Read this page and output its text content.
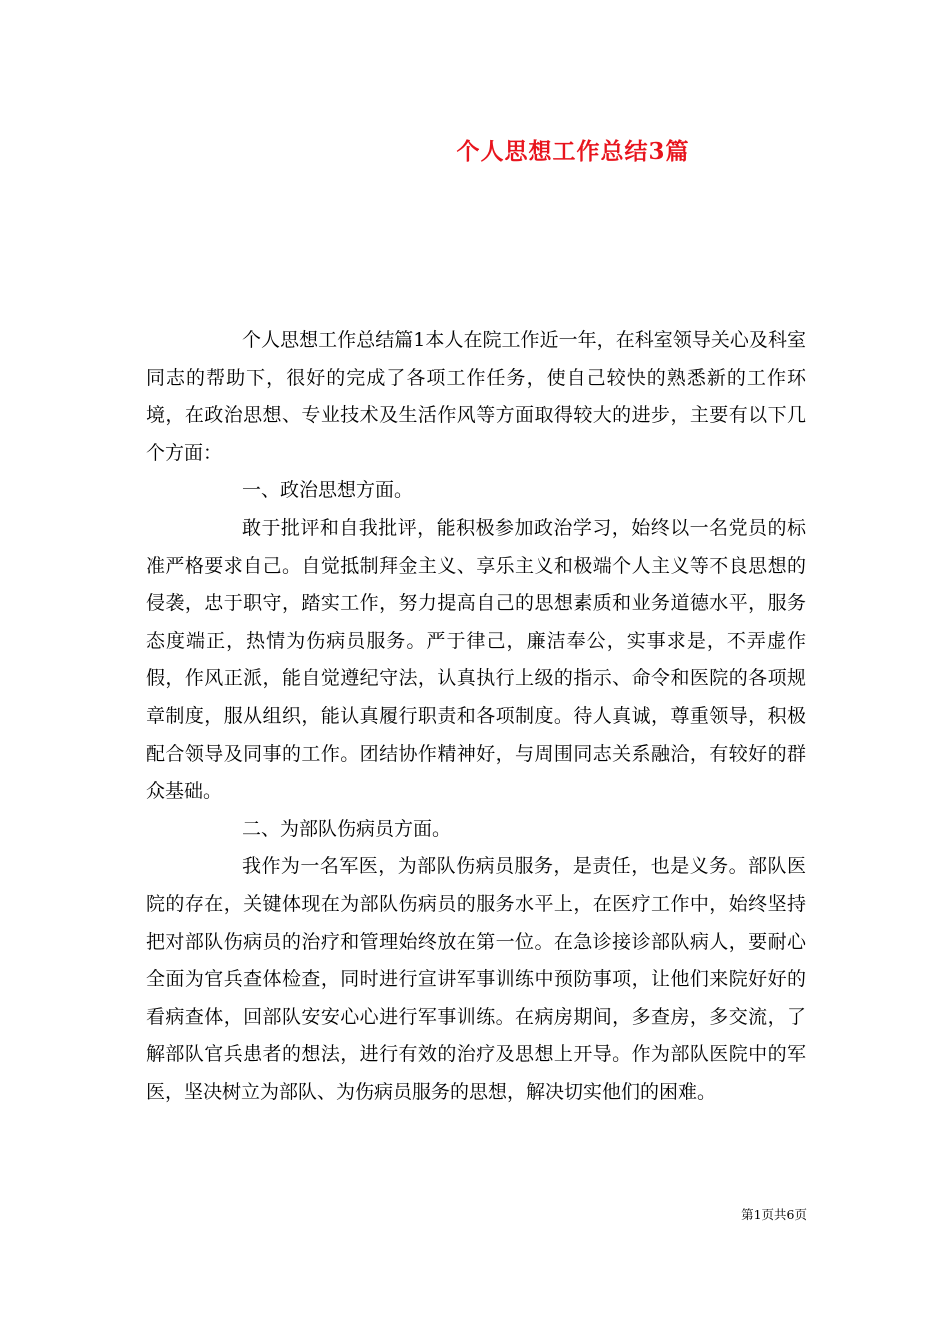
个人思想工作总结3篇

个人思想工作总结篇1本人在院工作近一年，在科室领导关心及科室同志的帮助下，很好的完成了各项工作任务，使自己较快的熟悉新的工作环境，在政治思想、专业技术及生活作风等方面取得较大的进步，主要有以下几个方面：

一、政治思想方面。

敢于批评和自我批评，能积极参加政治学习，始终以一名党员的标准严格要求自己。自觉抵制拜金主义、享乐主义和极端个人主义等不良思想的侵袭，忠于职守，踏实工作，努力提高自己的思想素质和业务道德水平，服务态度端正，热情为伤病员服务。严于律己，廉洁奉公，实事求是，不弄虚作假，作风正派，能自觉遵纪守法，认真执行上级的指示、命令和医院的各项规章制度，服从组织，能认真履行职责和各项制度。待人真诚，尊重领导，积极配合领导及同事的工作。团结协作精神好，与周围同志关系融洽，有较好的群众基础。

二、为部队伤病员方面。

我作为一名军医，为部队伤病员服务，是责任，也是义务。部队医院的存在，关键体现在为部队伤病员的服务水平上，在医疗工作中，始终坚持把对部队伤病员的治疗和管理始终放在第一位。在急诊接诊部队病人，要耐心全面为官兵查体检查，同时进行宣讲军事训练中预防事项，让他们来院好好的看病查体，回部队安安心心进行军事训练。在病房期间，多查房，多交流，了解部队官兵患者的想法，进行有效的治疗及思想上开导。作为部队医院中的军医，坚决树立为部队、为伤病员服务的思想，解决切实他们的困难。

第1页共6页
